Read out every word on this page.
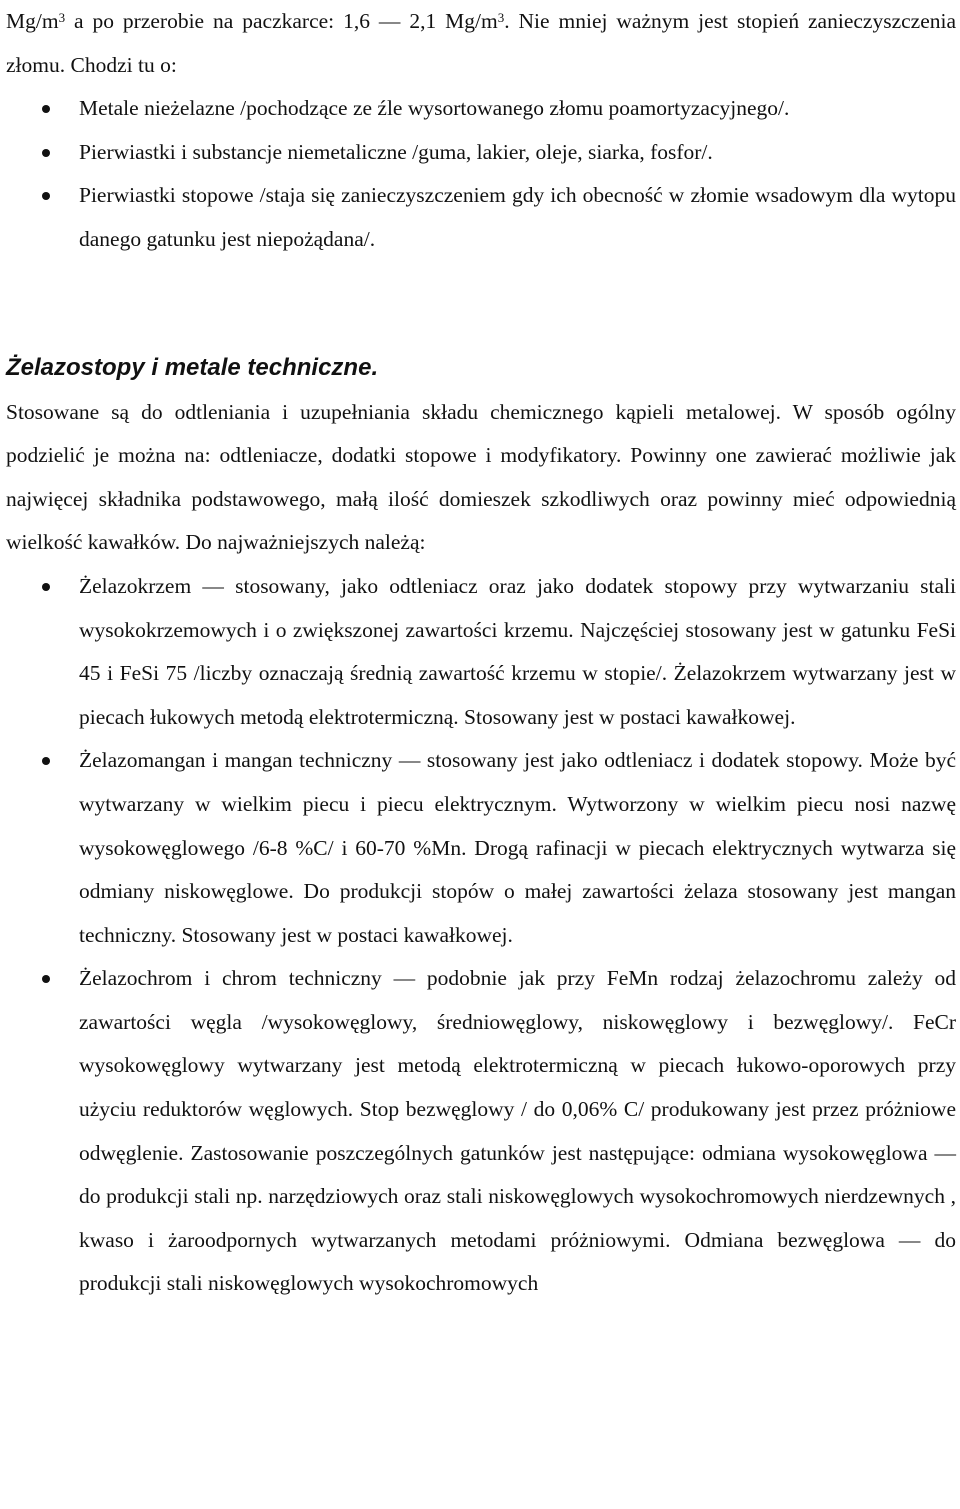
$Mg/m^3$ a po przerobie na paczkarce: 1,6 — 2,1 $Mg/m^3$. Nie mniej ważnym jest stopień zanieczyszczenia złomu. Chodzi tu o:

Metale nieżelazne /pochodzące ze źle wysortowanego złomu poamortyzacyjnego/.
Pierwiastki i substancje niemetaliczne /guma, lakier, oleje, siarka, fosfor/.
Pierwiastki stopowe /staja się zanieczyszczeniem gdy ich obecność w złomie wsadowym dla wytopu danego gatunku jest niepożądana/.
Żelazostopy i metale techniczne.

Stosowane są do odtleniania i uzupełniania składu chemicznego kąpieli metalowej. W sposób ogólny podzielić je można na: odtleniacze, dodatki stopowe i modyfikatory. Powinny one zawierać możliwie jak najwięcej składnika podstawowego, małą ilość domieszek szkodliwych oraz powinny mieć odpowiednią wielkość kawałków. Do najważniejszych należą:

Żelazokrzem — stosowany, jako odtleniacz oraz jako dodatek stopowy przy wytwarzaniu stali wysokokrzemowych i o zwiększonej zawartości krzemu. Najczęściej stosowany jest w gatunku FeSi 45 i FeSi 75 /liczby oznaczają średnią zawartość krzemu w stopie/. Żelazokrzem wytwarzany jest w piecach łukowych metodą elektrotermiczną. Stosowany jest w postaci kawałkowej.
Żelazomangan i mangan techniczny — stosowany jest jako odtleniacz i dodatek stopowy. Może być wytwarzany w wielkim piecu i piecu elektrycznym. Wytworzony w wielkim piecu nosi nazwę wysokowęglowego /6-8 %C/ i 60-70 %Mn. Drogą rafinacji w piecach elektrycznych wytwarza się odmiany niskowęglowe. Do produkcji stopów o małej zawartości żelaza stosowany jest mangan techniczny. Stosowany jest w postaci kawałkowej.
Żelazochrom i chrom techniczny — podobnie jak przy FeMn rodzaj żelazochromu zależy od zawartości węgla /wysokowęglowy, średniowęglowy, niskowęglowy i bezwęglowy/. FeCr wysokowęglowy wytwarzany jest metodą elektrotermiczną w piecach łukowo-oporowych przy użyciu reduktorów węglowych. Stop bezwęglowy / do 0,06% C/ produkowany jest przez próżniowe odwęglenie. Zastosowanie poszczególnych gatunków jest następujące: odmiana wysokowęglowa — do produkcji stali np. narzędziowych oraz stali niskowęglowych wysokochromowych nierdzewnych , kwaso i żaroodpornych wytwarzanych metodami próżniowymi. Odmiana bezwęglowa — do produkcji stali niskowęglowych wysokochromowych
